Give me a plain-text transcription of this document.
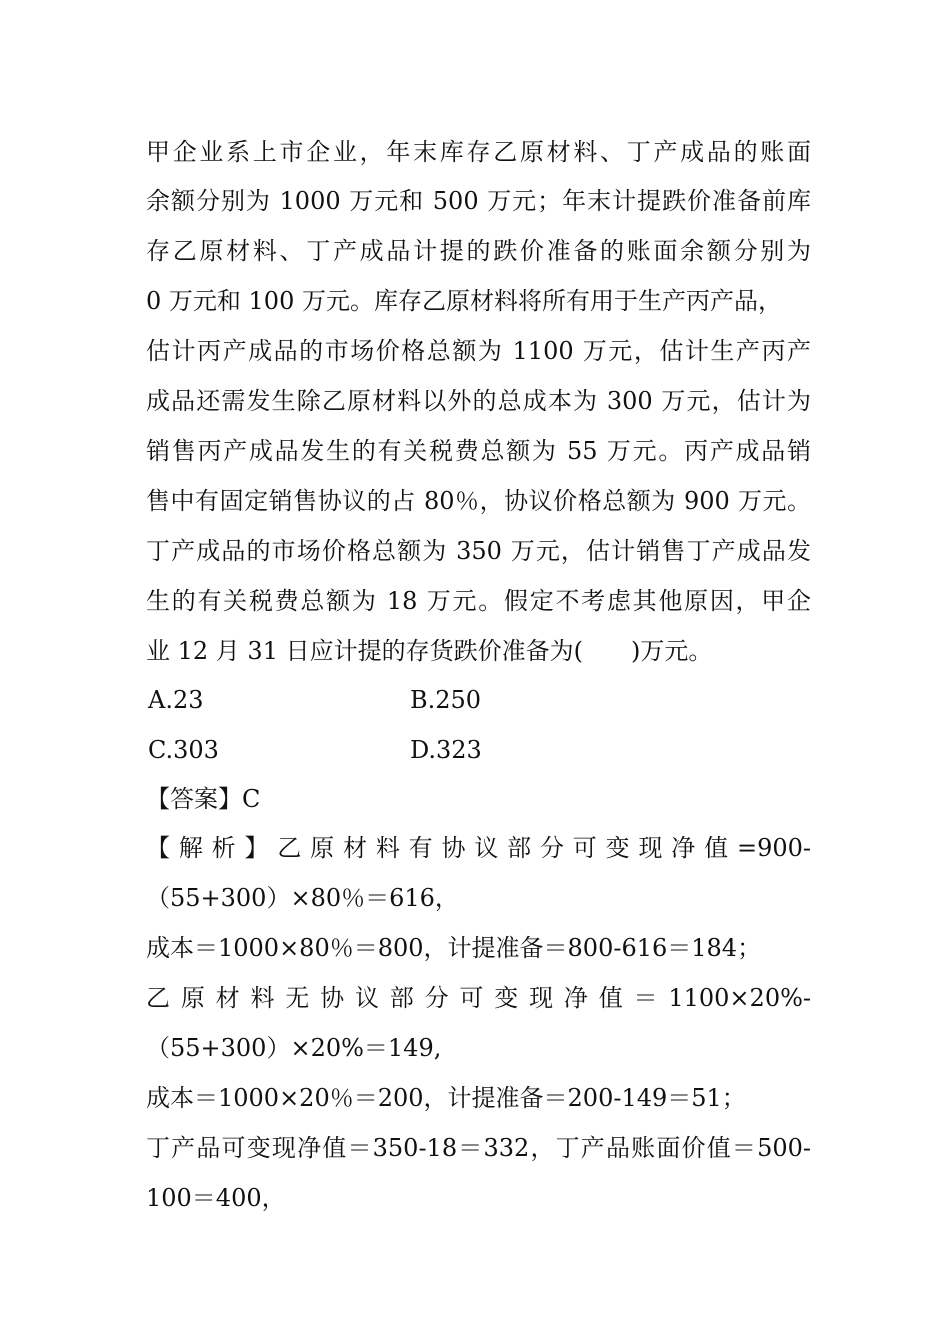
甲企业系上市企业，年末库存乙原材料、丁产成品的账面
余额分别为 1000 万元和 500 万元；年末计提跌价准备前库
存乙原材料、丁产成品计提的跌价准备的账面余额分别为
0 万元和 100 万元。库存乙原材料将所有用于生产丙产品，
估计丙产成品的市场价格总额为 1100 万元，估计生产丙产
成品还需发生除乙原材料以外的总成本为 300 万元，估计为
销售丙产成品发生的有关税费总额为 55 万元。丙产成品销
售中有固定销售协议的占 80％，协议价格总额为 900 万元。
丁产成品的市场价格总额为 350 万元，估计销售丁产成品发
生的有关税费总额为 18 万元。假定不考虑其他原因，甲企
业 12 月 31 日应计提的存货跌价准备为(　　)万元。
A.23	B.250
C.303	D.323
【答案】C
【解析】乙原材料有协议部分可变现净值=900-
（55+300）×80％＝616，
成本＝1000×80％＝800，计提准备＝800-616＝184；
乙原材料无协议部分可变现净值＝1100×20%-
（55+300）×20%＝149,
成本＝1000×20％＝200，计提准备＝200-149＝51；
丁产品可变现净值＝350-18＝332，丁产品账面价值＝500-
100＝400，
